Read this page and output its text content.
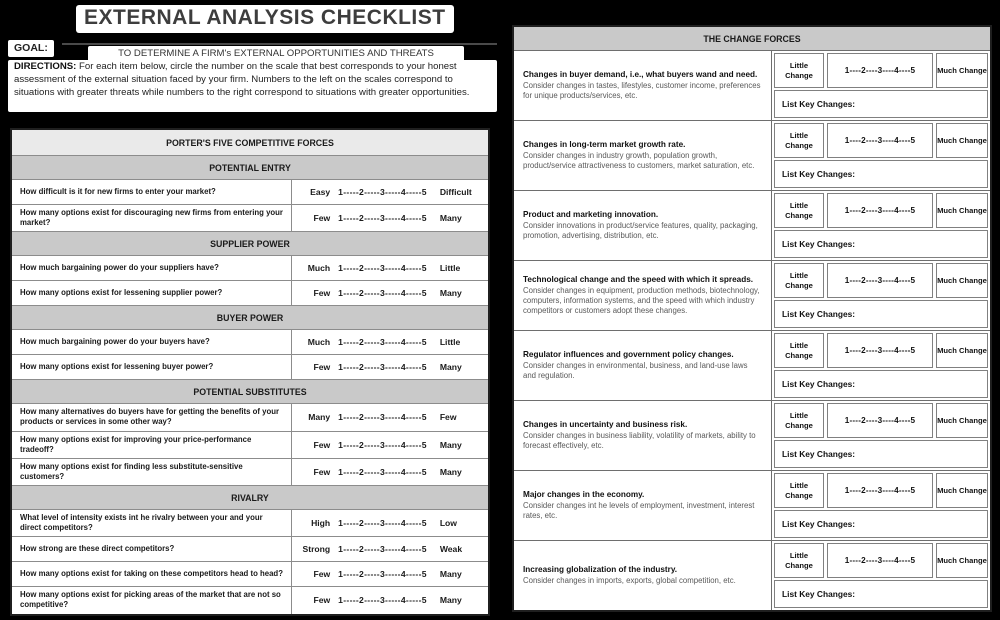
EXTERNAL ANALYSIS CHECKLIST
GOAL:	TO DETERMINE A FIRM's EXTERNAL OPPORTUNITIES AND THREATS
DIRECTIONS: For each item below, circle the number on the scale that best corresponds to your honest assessment of the external situation faced by your firm. Numbers to the left on the scales correspond to situations with greater threats while numbers to the right correspond to situations with greater opportunities.
PORTER'S FIVE COMPETITIVE FORCES
POTENTIAL ENTRY
How difficult is it for new firms to enter your market?	Easy 1-----2-----3-----4-----5 Difficult
How many options exist for discouraging new firms from entering your market?	Few 1-----2-----3-----4-----5 Many
SUPPLIER POWER
How much bargaining power do your suppliers have?	Much 1-----2-----3-----4-----5 Little
How many options exist for lessening supplier power?	Few 1-----2-----3-----4-----5 Many
BUYER POWER
How much bargaining power do your buyers have?	Much 1-----2-----3-----4-----5 Little
How many options exist for lessening buyer power?	Few 1-----2-----3-----4-----5 Many
POTENTIAL SUBSTITUTES
How many alternatives do buyers have for getting the benefits of your products or services in some other way?	Many 1-----2-----3-----4-----5 Few
How many options exist for improving your price-performance tradeoff?	Few 1-----2-----3-----4-----5 Many
How many options exist for finding less substitute-sensitive customers?	Few 1-----2-----3-----4-----5 Many
RIVALRY
What level of intensity exists int he rivalry between your and your direct competitors?	High 1-----2-----3-----4-----5 Low
How strong are these direct competitors?	Strong 1-----2-----3-----4-----5 Weak
How many options exist for taking on these competitors head to head?	Few 1-----2-----3-----4-----5 Many
How many options exist for picking areas of the market that are not so competitive?	Few 1-----2-----3-----4-----5 Many
THE CHANGE FORCES
Changes in buyer demand, i.e., what buyers wand and need.
Consider changes in tastes, lifestyles, customer income, preferences for unique products/services, etc.
Little Change
1----2----3----4----5	Much Change
List Key Changes:
Changes in long-term market growth rate.
Consider changes in industry growth, population growth, product/service attractiveness to customers, market saturation, etc.
Little Change
1----2----3----4----5	Much Change
List Key Changes:
Product and marketing innovation.
Consider innovations in product/service features, quality, packaging, promotion, advertising, distribution, etc.
Little Change
1----2----3----4----5	Much Change
List Key Changes:
Technological change and the speed with which it spreads.
Consider changes in equipment, production methods, biotechnology, computers, information systems, and the speed with which industry competitors or customers adopt these changes.
Little Change
1----2----3----4----5	Much Change
List Key Changes:
Regulator influences and government policy changes.
Consider changes in environmental, business, and land-use laws and regulation.
Little Change
1----2----3----4----5	Much Change
List Key Changes:
Changes in uncertainty and business risk.
Consider changes in business liability, volatility of markets, ability to forecast effectively, etc.
Little Change
1----2----3----4----5	Much Change
List Key Changes:
Major changes in the economy.
Consider changes int he levels of employment, investment, interest rates, etc.
Little Change
1----2----3----4----5	Much Change
List Key Changes:
Increasing globalization of the industry.
Consider changes in imports, exports, global competition, etc.
Little Change
1----2----3----4----5	Much Change
List Key Changes:
